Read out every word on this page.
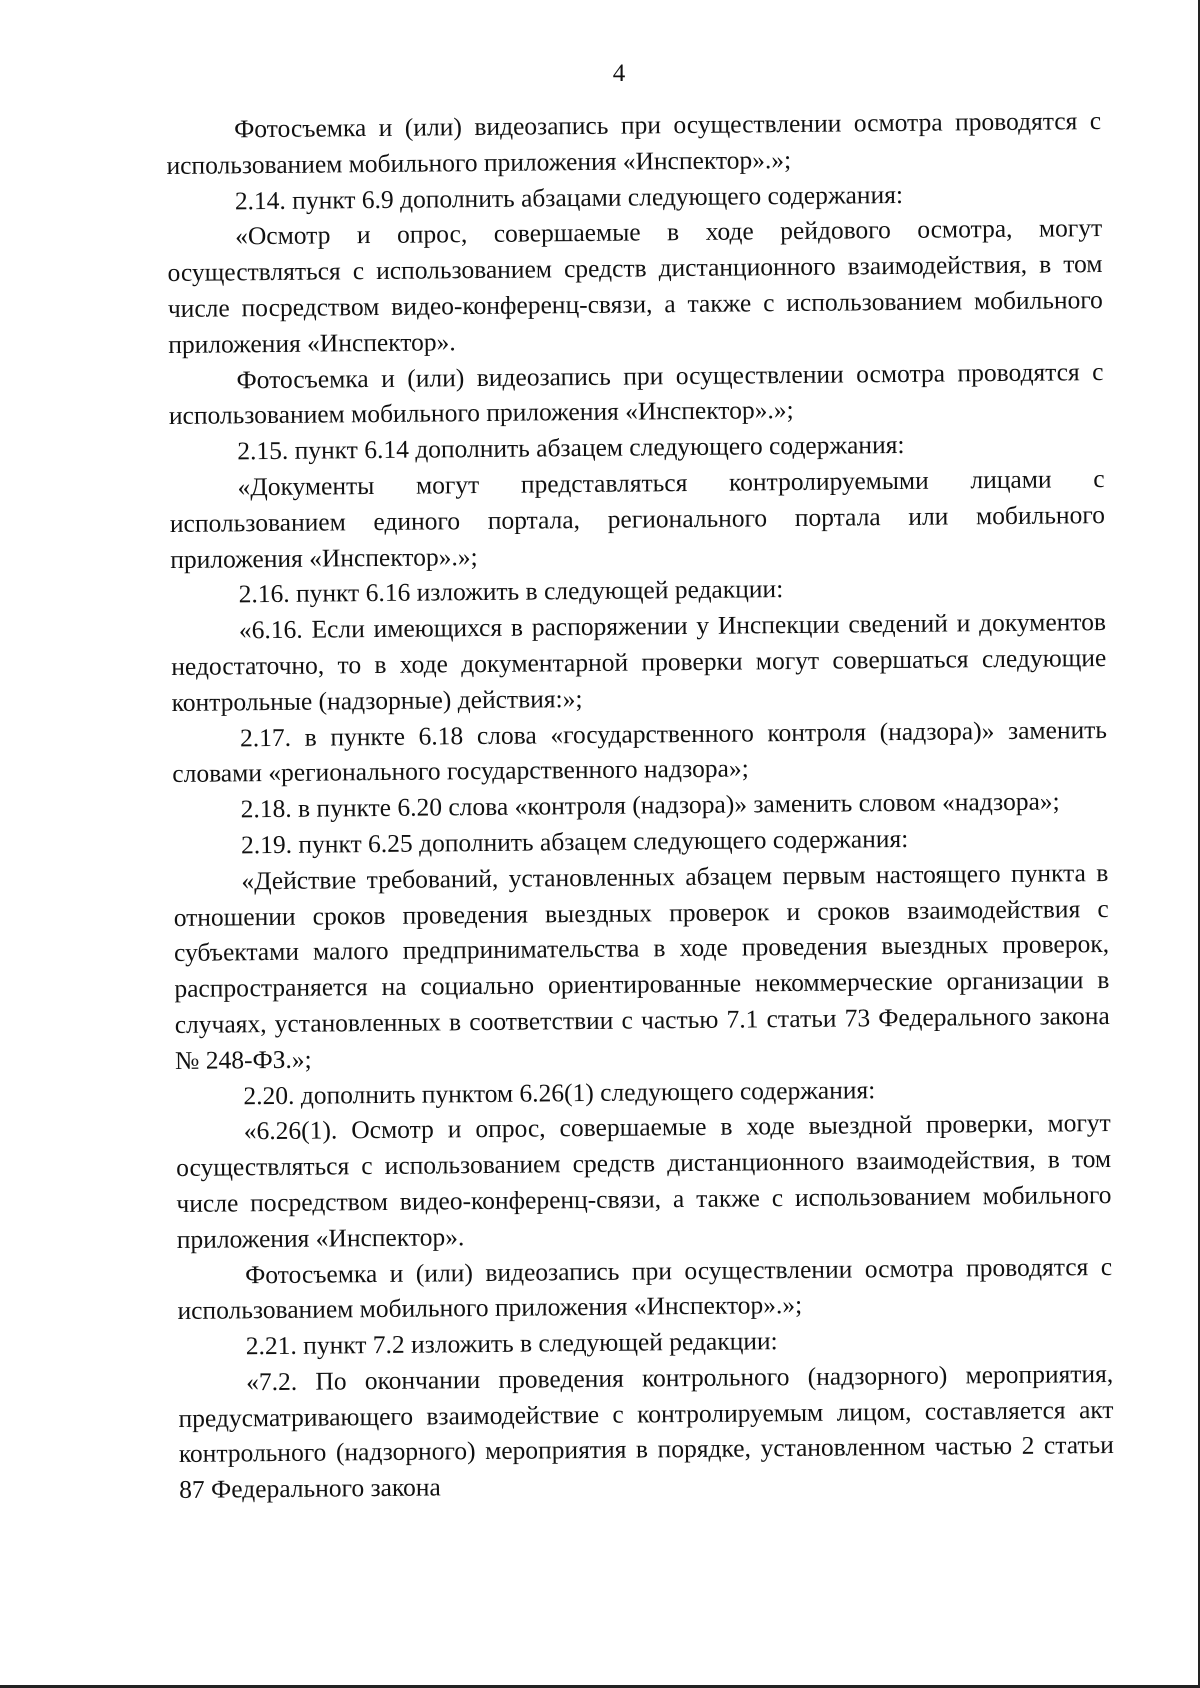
4

Фотосъемка и (или) видеозапись при осуществлении осмотра проводятся с использованием мобильного приложения «Инспектор».»;

2.14. пункт 6.9 дополнить абзацами следующего содержания:

«Осмотр и опрос, совершаемые в ходе рейдового осмотра, могут осуществляться с использованием средств дистанционного взаимодействия, в том числе посредством видео-конференц-связи, а также с использованием мобильного приложения «Инспектор».

Фотосъемка и (или) видеозапись при осуществлении осмотра проводятся с использованием мобильного приложения «Инспектор».»;

2.15. пункт 6.14 дополнить абзацем следующего содержания:

«Документы могут представляться контролируемыми лицами с использованием единого портала, регионального портала или мобильного приложения «Инспектор».»;

2.16. пункт 6.16 изложить в следующей редакции:

«6.16. Если имеющихся в распоряжении у Инспекции сведений и документов недостаточно, то в ходе документарной проверки могут совершаться следующие контрольные (надзорные) действия:»;

2.17. в пункте 6.18 слова «государственного контроля (надзора)» заменить словами «регионального государственного надзора»;

2.18. в пункте 6.20 слова «контроля (надзора)» заменить словом «надзора»;

2.19. пункт 6.25 дополнить абзацем следующего содержания:

«Действие требований, установленных абзацем первым настоящего пункта в отношении сроков проведения выездных проверок и сроков взаимодействия с субъектами малого предпринимательства в ходе проведения выездных проверок, распространяется на социально ориентированные некоммерческие организации в случаях, установленных в соответствии с частью 7.1 статьи 73 Федерального закона № 248-ФЗ.»;

2.20. дополнить пунктом 6.26(1) следующего содержания:

«6.26(1). Осмотр и опрос, совершаемые в ходе выездной проверки, могут осуществляться с использованием средств дистанционного взаимодействия, в том числе посредством видео-конференц-связи, а также с использованием мобильного приложения «Инспектор».

Фотосъемка и (или) видеозапись при осуществлении осмотра проводятся с использованием мобильного приложения «Инспектор».»;

2.21. пункт 7.2 изложить в следующей редакции:

«7.2. По окончании проведения контрольного (надзорного) мероприятия, предусматривающего взаимодействие с контролируемым лицом, составляется акт контрольного (надзорного) мероприятия в порядке, установленном частью 2 статьи 87 Федерального закона
